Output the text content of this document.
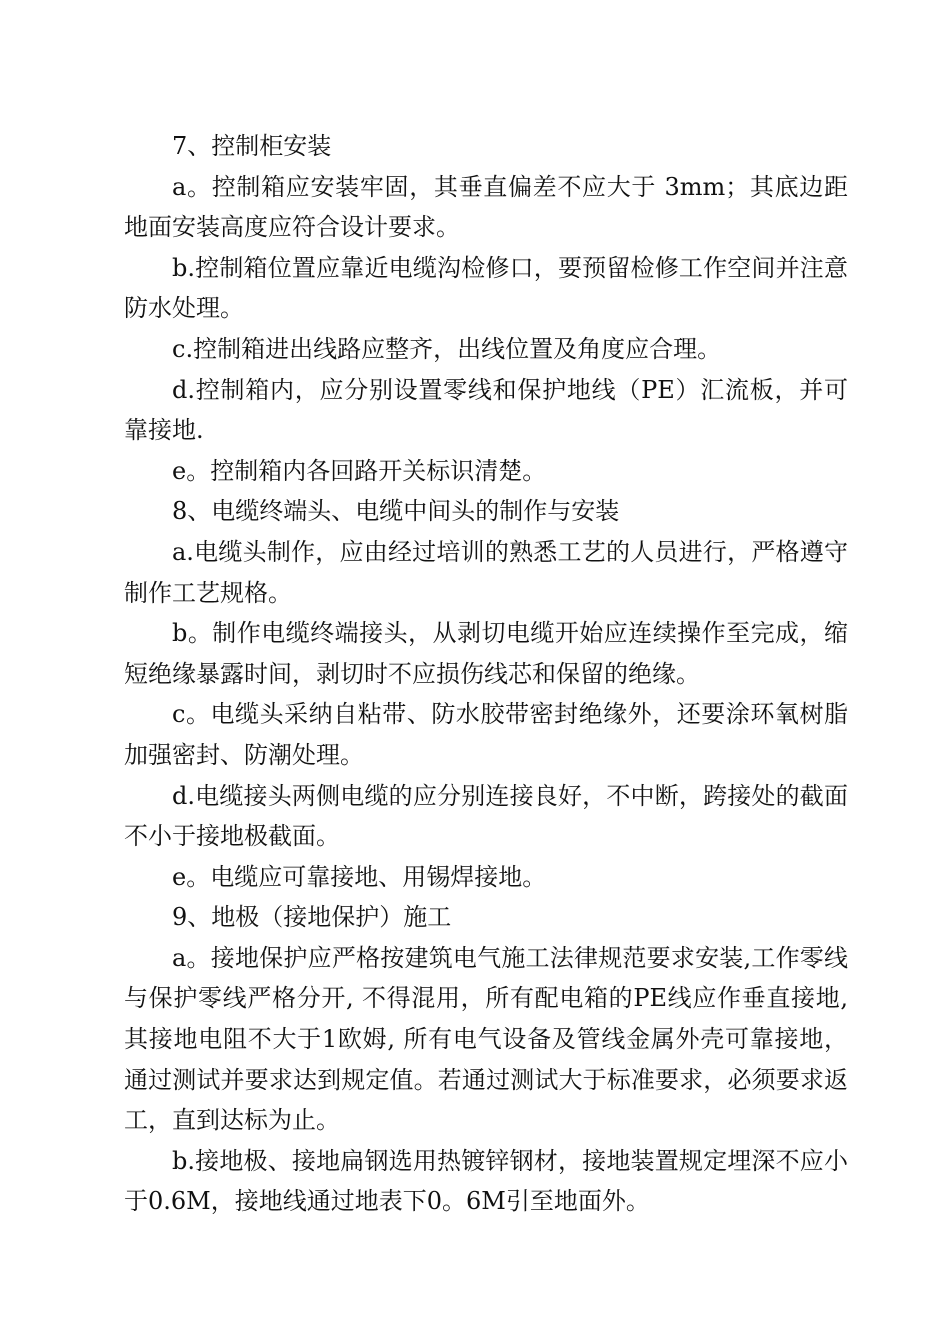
7、控制柜安装

a。控制箱应安装牢固，其垂直偏差不应大于 3mm；其底边距地面安装高度应符合设计要求。

b.控制箱位置应靠近电缆沟检修口，要预留检修工作空间并注意防水处理。

c.控制箱进出线路应整齐，出线位置及角度应合理。

d.控制箱内，应分别设置零线和保护地线（PE）汇流板，并可靠接地.

e。控制箱内各回路开关标识清楚。

8、电缆终端头、电缆中间头的制作与安装

a.电缆头制作，应由经过培训的熟悉工艺的人员进行，严格遵守制作工艺规格。

b。制作电缆终端接头，从剥切电缆开始应连续操作至完成，缩短绝缘暴露时间，剥切时不应损伤线芯和保留的绝缘。

c。电缆头采纳自粘带、防水胶带密封绝缘外，还要涂环氧树脂加强密封、防潮处理。

d.电缆接头两侧电缆的应分别连接良好，不中断，跨接处的截面不小于接地极截面。

e。电缆应可靠接地、用锡焊接地。

9、地极（接地保护）施工

a。接地保护应严格按建筑电气施工法律规范要求安装,工作零线与保护零线严格分开, 不得混用，所有配电箱的PE线应作垂直接地, 其接地电阻不大于1欧姆, 所有电气设备及管线金属外壳可靠接地，通过测试并要求达到规定值。若通过测试大于标准要求，必须要求返工，直到达标为止。

b.接地极、接地扁钢选用热镀锌钢材，接地装置规定埋深不应小于0.6M，接地线通过地表下0。6M引至地面外。
